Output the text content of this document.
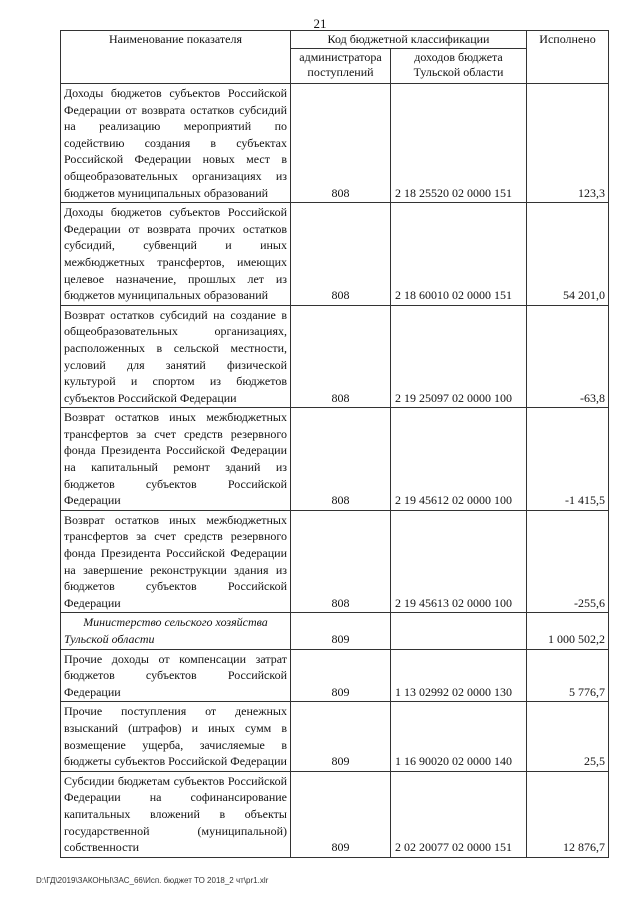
21
Наименование показателя	Код бюджетной классификации		Исполнено
	администратора поступлений	доходов бюджета Тульской области	
Доходы бюджетов субъектов Российской Федерации от возврата остатков субсидий на реализацию мероприятий по содействию создания в субъектах Российской Федерации новых мест в общеобразовательных организациях из бюджетов муниципальных образований	808	2 18 25520 02 0000 151	123,3
Доходы бюджетов субъектов Российской Федерации от возврата прочих остатков субсидий, субвенций и иных межбюджетных трансфертов, имеющих целевое назначение, прошлых лет из бюджетов муниципальных образований	808	2 18 60010 02 0000 151	54 201,0
Возврат остатков субсидий на создание в общеобразовательных организациях, расположенных в сельской местности, условий для занятий физической культурой и спортом из бюджетов субъектов Российской Федерации	808	2 19 25097 02 0000 100	-63,8
Возврат остатков иных межбюджетных трансфертов за счет средств резервного фонда Президента Российской Федерации на капитальный ремонт зданий из бюджетов субъектов Российской Федерации	808	2 19 45612 02 0000 100	-1 415,5
Возврат остатков иных межбюджетных трансфертов за счет средств резервного фонда Президента Российской Федерации на завершение реконструкции здания из бюджетов субъектов Российской Федерации	808	2 19 45613 02 0000 100	-255,6
Министерство сельского хозяйства Тульской области	809		1 000 502,2
Прочие доходы от компенсации затрат бюджетов субъектов Российской Федерации	809	1 13 02992 02 0000 130	5 776,7
Прочие поступления от денежных взысканий (штрафов) и иных сумм в возмещение ущерба, зачисляемые в бюджеты субъектов Российской Федерации	809	1 16 90020 02 0000 140	25,5
Субсидии бюджетам субъектов Российской Федерации на софинансирование капитальных вложений в объекты государственной (муниципальной) собственности	809	2 02 20077 02 0000 151	12 876,7
D:\ГД\2019\ЗАКОНЫ\ЗАС_66\Исп. бюджет ТО 2018_2 чт\pr1.xlr
